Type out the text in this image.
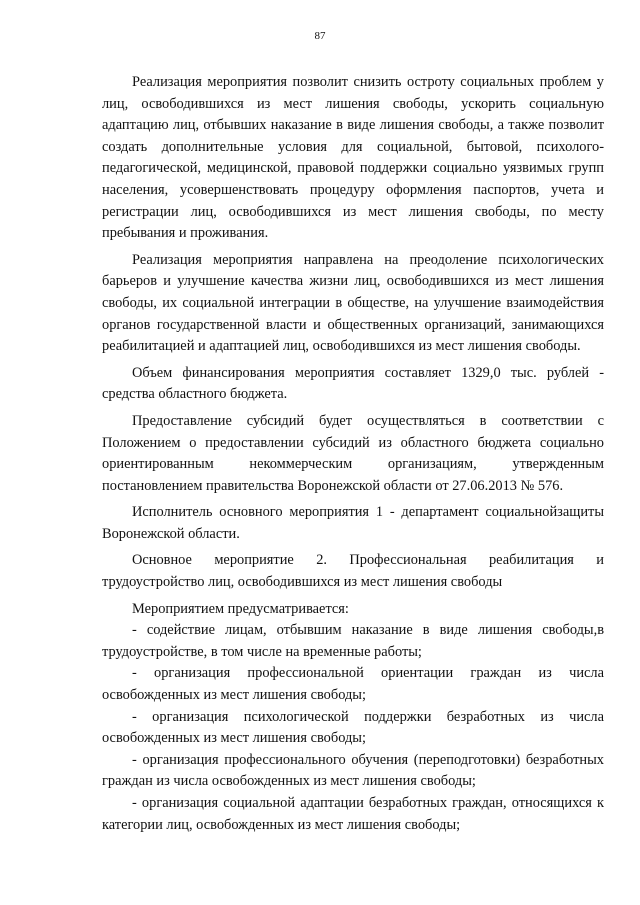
87

Реализация мероприятия позволит снизить остроту социальных проблем у лиц, освободившихся из мест лишения свободы, ускорить социальную адаптацию лиц, отбывших наказание в виде лишения свободы, а также позволит создать дополнительные условия для социальной, бытовой, психолого-педагогической, медицинской, правовой поддержки социально уязвимых групп населения, усовершенствовать процедуру оформления паспортов, учета и регистрации лиц, освободившихся из мест лишения свободы, по месту пребывания и проживания.

Реализация мероприятия направлена на преодоление психологических барьеров и улучшение качества жизни лиц, освободившихся из мест лишения свободы, их социальной интеграции в обществе, на улучшение взаимодействия органов государственной власти и общественных организаций, занимающихся реабилитацией и адаптацией лиц, освободившихся из мест лишения свободы.

Объем финансирования мероприятия составляет 1329,0 тыс. рублей - средства областного бюджета.

Предоставление субсидий будет осуществляться в соответствии с Положением о предоставлении субсидий из областного бюджета социально ориентированным некоммерческим организациям, утвержденным постановлением правительства Воронежской области от 27.06.2013 № 576.

Исполнитель основного мероприятия 1 - департамент социальнойзащиты Воронежской области.

Основное мероприятие 2. Профессиональная реабилитация и трудоустройство лиц, освободившихся из мест лишения свободы

Мероприятием предусматривается:

- содействие лицам, отбывшим наказание в виде лишения свободы,в трудоустройстве, в том числе на временные работы;

- организация профессиональной ориентации граждан из числа освобожденных из мест лишения свободы;

- организация психологической поддержки безработных из числа освобожденных из мест лишения свободы;

- организация профессионального обучения (переподготовки) безработных граждан из числа освобожденных из мест лишения свободы;

- организация социальной адаптации безработных граждан, относящихся к категории лиц, освобожденных из мест лишения свободы;
